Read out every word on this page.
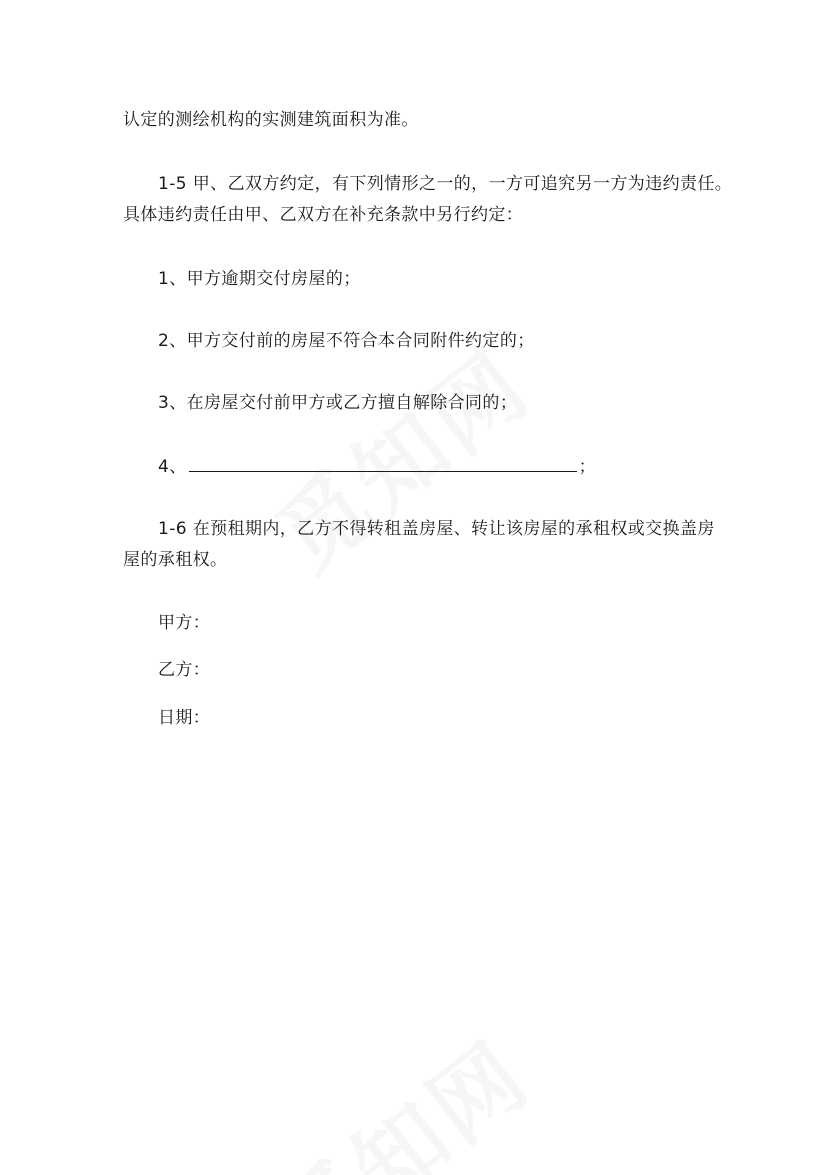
认定的测绘机构的实测建筑面积为准。
1-5 甲、乙双方约定，有下列情形之一的，一方可追究另一方为违约责任。
具体违约责任由甲、乙双方在补充条款中另行约定：
1、甲方逾期交付房屋的；
2、甲方交付前的房屋不符合本合同附件约定的；
3、在房屋交付前甲方或乙方擅自解除合同的；
4、	；
1-6 在预租期内，乙方不得转租盖房屋、转让该房屋的承租权或交换盖房
屋的承租权。
甲方：
乙方：
日期：
